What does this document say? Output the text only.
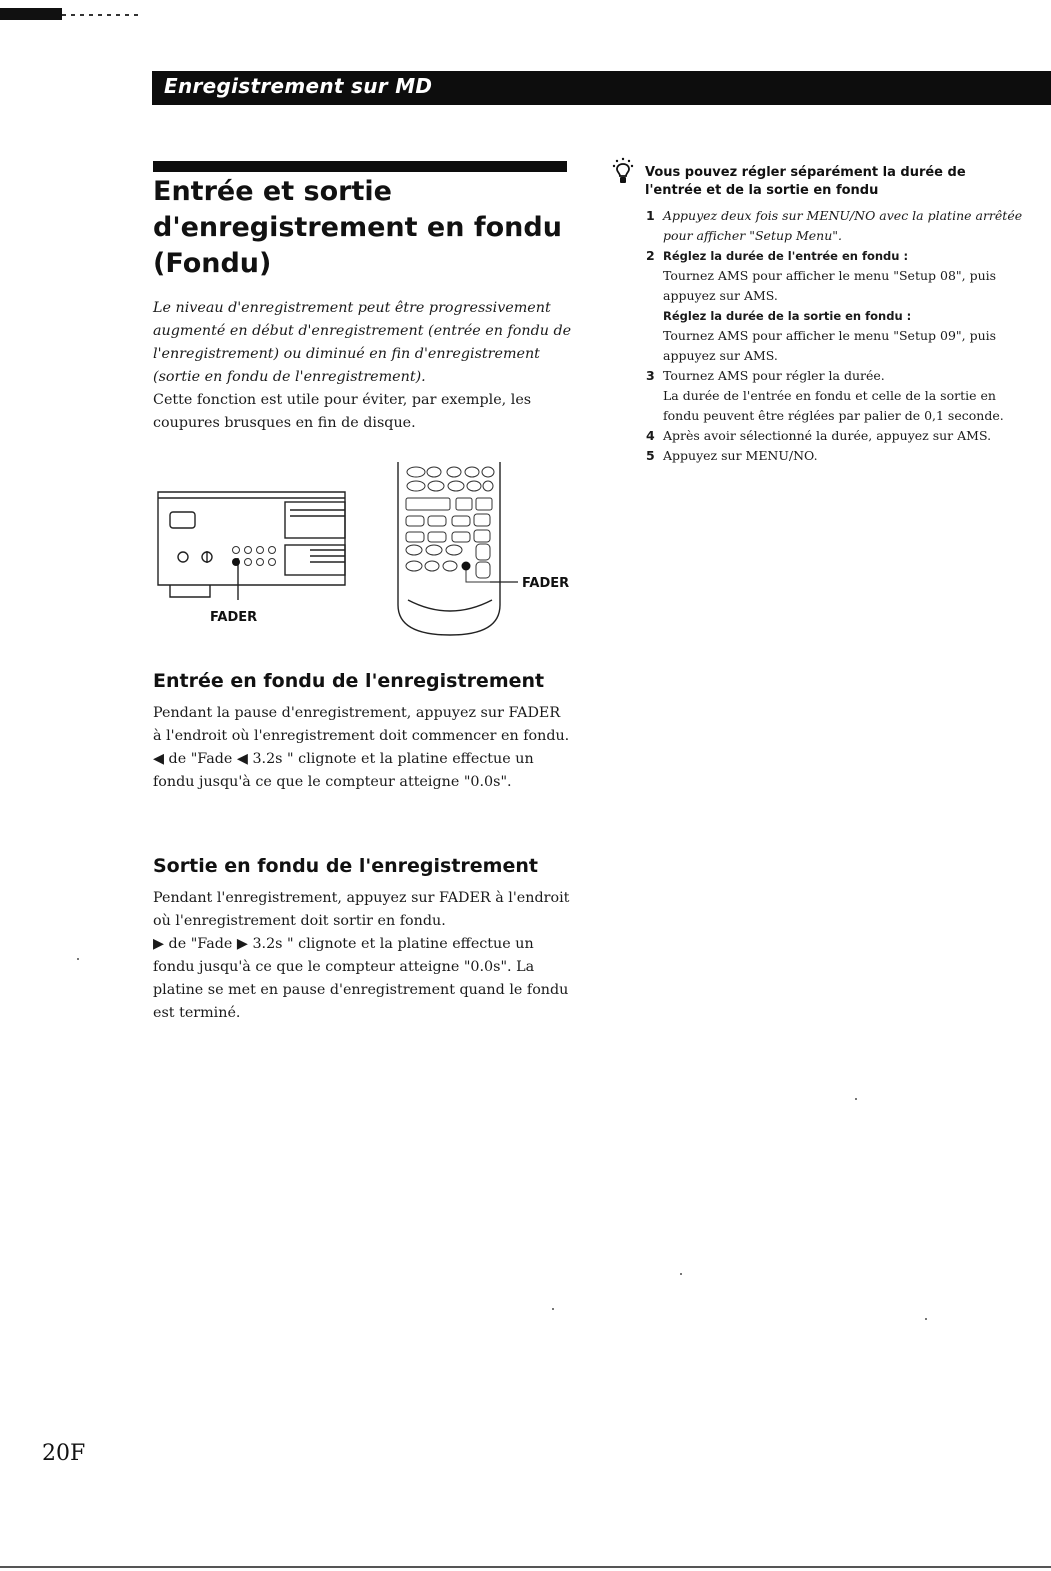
Enregistrement sur MD
Entrée et sortie d'enregistrement en fondu (Fondu)

Le niveau d'enregistrement peut être progressivement augmenté en début d'enregistrement (entrée en fondu de l'enregistrement) ou diminué en fin d'enregistrement (sortie en fondu de l'enregistrement).

Cette fonction est utile pour éviter, par exemple, les coupures brusques en fin de disque.

FADER
FADER
Entrée en fondu de l'enregistrement

Pendant la pause d'enregistrement, appuyez sur FADER à l'endroit où l'enregistrement doit commencer en fondu.

◀ de "Fade ◀ 3.2s " clignote et la platine effectue un fondu jusqu'à ce que le compteur atteigne "0.0s".

Sortie en fondu de l'enregistrement

Pendant l'enregistrement, appuyez sur FADER à l'endroit où l'enregistrement doit sortir en fondu.

▶ de "Fade ▶ 3.2s " clignote et la platine effectue un fondu jusqu'à ce que le compteur atteigne "0.0s". La platine se met en pause d'enregistrement quand le fondu est terminé.

Vous pouvez régler séparément la durée de l'entrée et de la sortie en fondu
1 Appuyez deux fois sur MENU/NO avec la platine arrêtée pour afficher "Setup Menu".
2 Réglez la durée de l'entrée en fondu :
Tournez AMS pour afficher le menu "Setup 08", puis appuyez sur AMS.
Réglez la durée de la sortie en fondu :
Tournez AMS pour afficher le menu "Setup 09", puis appuyez sur AMS.
3 Tournez AMS pour régler la durée.
La durée de l'entrée en fondu et celle de la sortie en fondu peuvent être réglées par palier de 0,1 seconde.
4 Après avoir sélectionné la durée, appuyez sur AMS.
5 Appuyez sur MENU/NO.
20F
